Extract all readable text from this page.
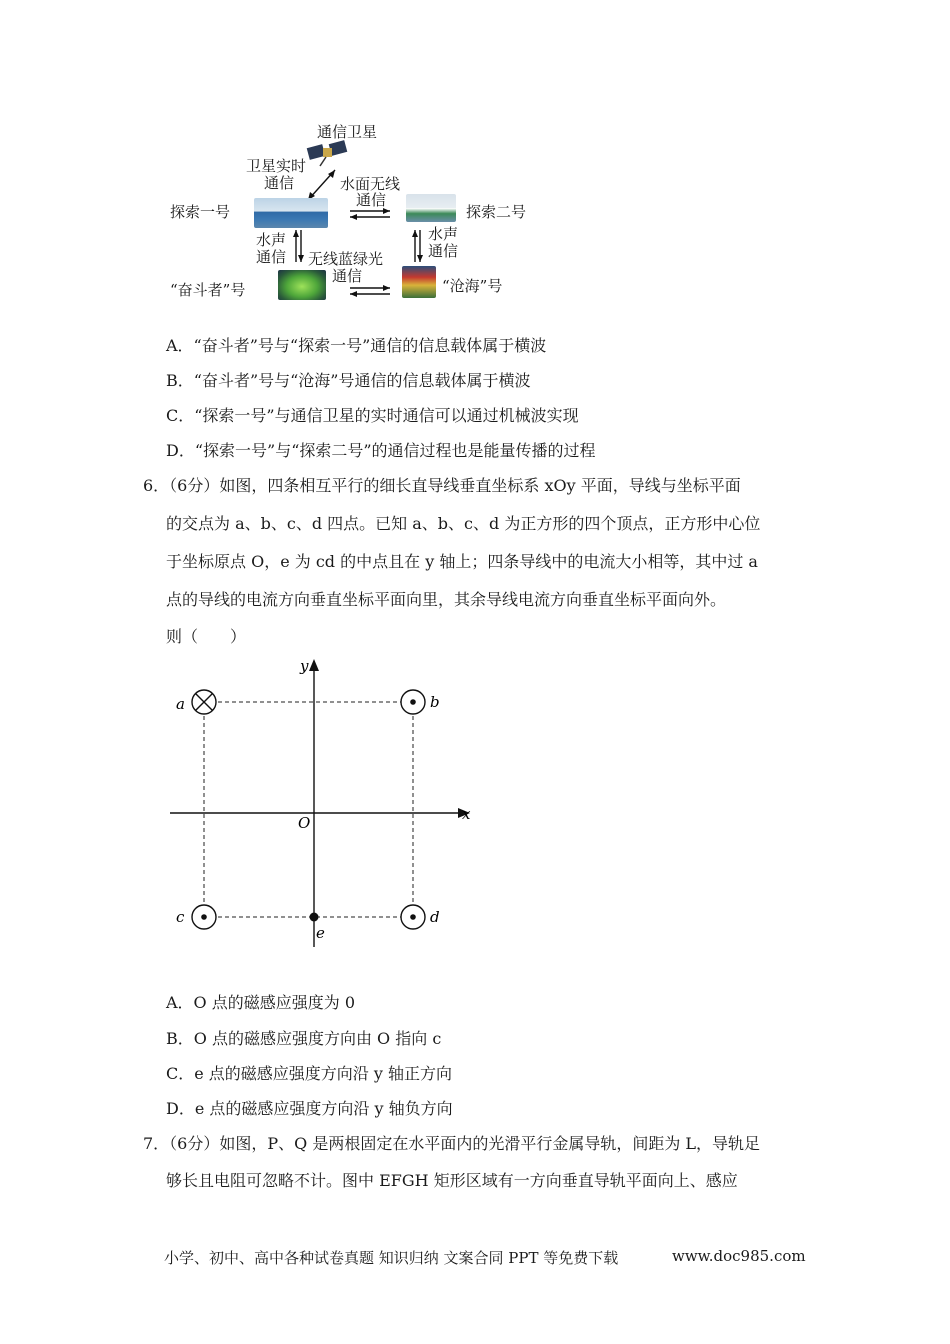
通信卫星
卫星实时
通信	水面无线
通信
探索一号	探索二号
水声
通信
水声
通信
无线蓝绿光
通信
“奋斗者”号	“沧海”号
A．“奋斗者”号与“探索一号”通信的信息载体属于横波
B．“奋斗者”号与“沧海”号通信的信息载体属于横波
C．“探索一号”与通信卫星的实时通信可以通过机械波实现
D．“探索一号”与“探索二号”的通信过程也是能量传播的过程
6．（6分）如图，四条相互平行的细长直导线垂直坐标系 xOy 平面，导线与坐标平面
的交点为 a、b、c、d 四点。已知 a、b、c、d 为正方形的四个顶点，正方形中心位
于坐标原点 O，e 为 cd 的中点且在 y 轴上；四条导线中的电流大小相等，其中过 a
点的导线的电流方向垂直坐标平面向里，其余导线电流方向垂直坐标平面向外。
则（　　）
y
x
O
a	b
c	d
e
A．O 点的磁感应强度为 0
B．O 点的磁感应强度方向由 O 指向 c
C．e 点的磁感应强度方向沿 y 轴正方向
D．e 点的磁感应强度方向沿 y 轴负方向
7．（6分）如图，P、Q 是两根固定在水平面内的光滑平行金属导轨，间距为 L，导轨足
够长且电阻可忽略不计。图中 EFGH 矩形区域有一方向垂直导轨平面向上、感应
小学、初中、高中各种试卷真题 知识归纳 文案合同 PPT 等免费下载	www.doc985.com
